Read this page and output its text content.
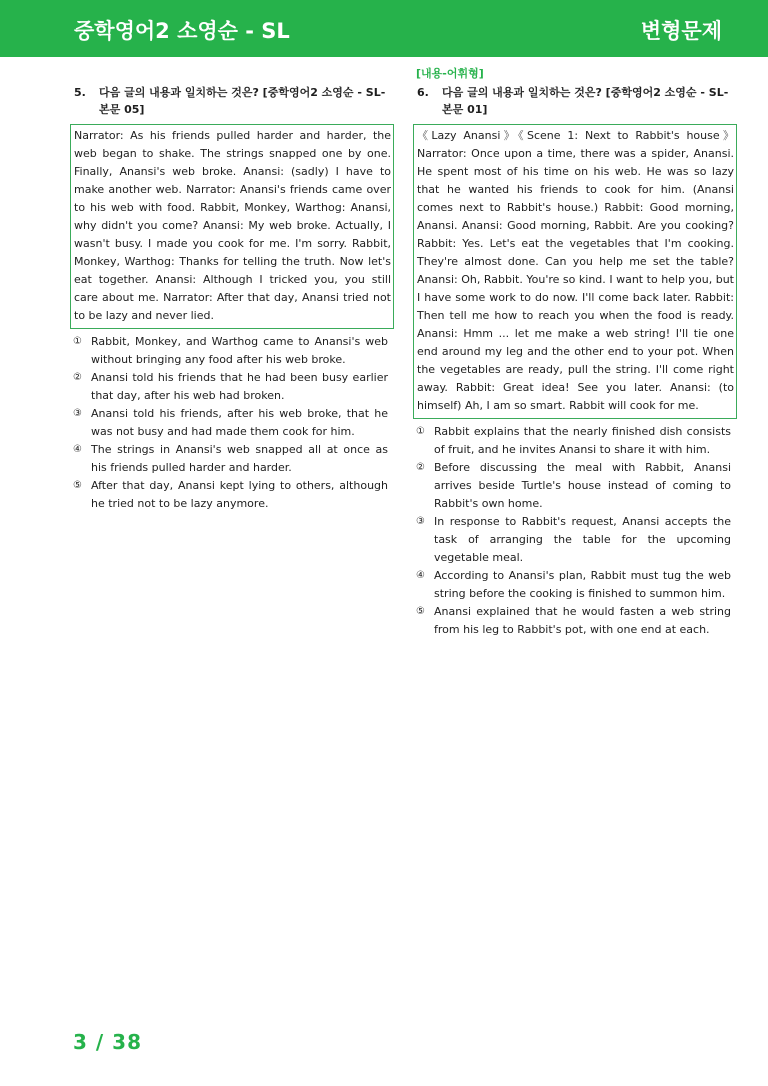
중학영어2 소영순 - SL	변형문제
5.	다음 글의 내용과 일치하는 것은? [중학영어2 소영순 - SL-본문 05]
Narrator: As his friends pulled harder and harder, the web began to shake. The strings snapped one by one. Finally, Anansi's web broke. Anansi: (sadly) I have to make another web. Narrator: Anansi's friends came over to his web with food. Rabbit, Monkey, Warthog: Anansi, why didn't you come? Anansi: My web broke. Actually, I wasn't busy. I made you cook for me. I'm sorry. Rabbit, Monkey, Warthog: Thanks for telling the truth. Now let's eat together. Anansi: Although I tricked you, you still care about me. Narrator: After that day, Anansi tried not to be lazy and never lied.
① Rabbit, Monkey, and Warthog came to Anansi's web without bringing any food after his web broke.
② Anansi told his friends that he had been busy earlier that day, after his web had broken.
③ Anansi told his friends, after his web broke, that he was not busy and had made them cook for him.
④ The strings in Anansi's web snapped all at once as his friends pulled harder and harder.
⑤ After that day, Anansi kept lying to others, although he tried not to be lazy anymore.
[내용-어휘형]
6.	다음 글의 내용과 일치하는 것은? [중학영어2 소영순 - SL-본문 01]
《Lazy Anansi》《Scene 1: Next to Rabbit's house》 Narrator: Once upon a time, there was a spider, Anansi. He spent most of his time on his web. He was so lazy that he wanted his friends to cook for him. (Anansi comes next to Rabbit's house.) Rabbit: Good morning, Anansi. Anansi: Good morning, Rabbit. Are you cooking? Rabbit: Yes. Let's eat the vegetables that I'm cooking. They're almost done. Can you help me set the table? Anansi: Oh, Rabbit. You're so kind. I want to help you, but I have some work to do now. I'll come back later. Rabbit: Then tell me how to reach you when the food is ready. Anansi: Hmm ... let me make a web string! I'll tie one end around my leg and the other end to your pot. When the vegetables are ready, pull the string. I'll come right away. Rabbit: Great idea! See you later. Anansi: (to himself) Ah, I am so smart. Rabbit will cook for me.
① Rabbit explains that the nearly finished dish consists of fruit, and he invites Anansi to share it with him.
② Before discussing the meal with Rabbit, Anansi arrives beside Turtle's house instead of coming to Rabbit's own home.
③ In response to Rabbit's request, Anansi accepts the task of arranging the table for the upcoming vegetable meal.
④ According to Anansi's plan, Rabbit must tug the web string before the cooking is finished to summon him.
⑤ Anansi explained that he would fasten a web string from his leg to Rabbit's pot, with one end at each.
3 / 38
